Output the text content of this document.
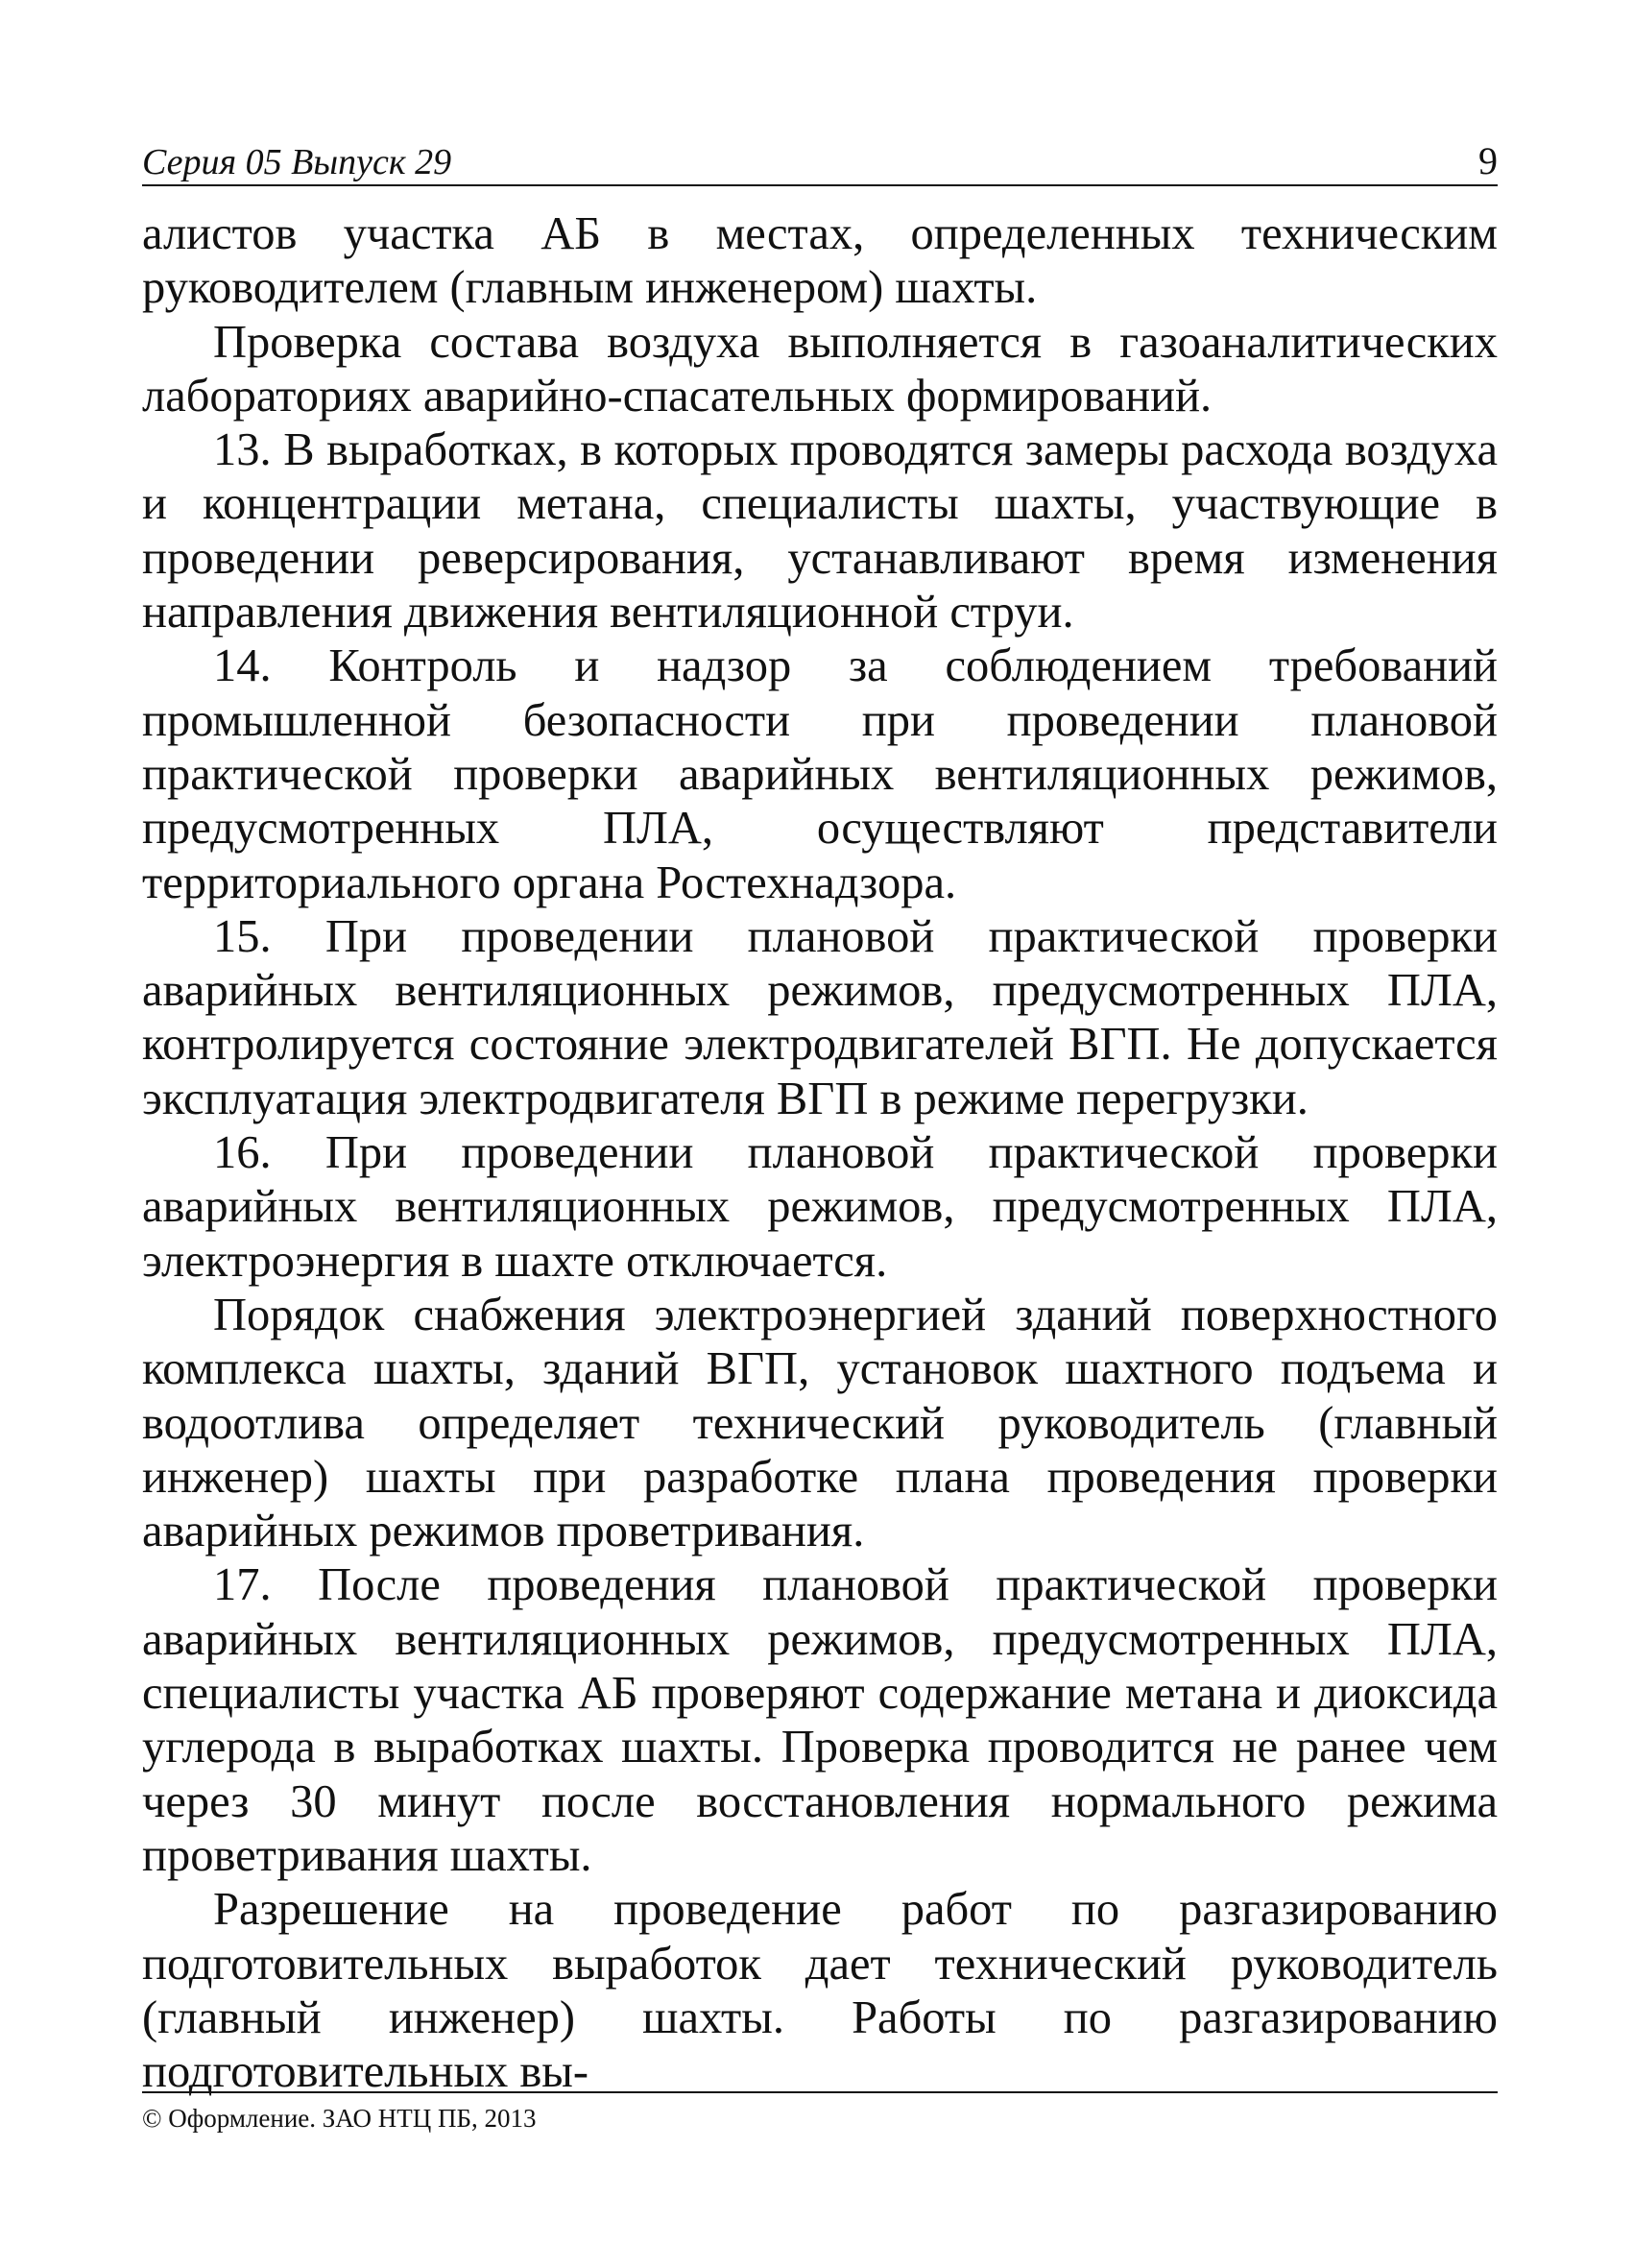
Серия 05 Выпуск 29	9

алистов участка АБ в местах, определенных техническим руководителем (главным инженером) шахты.

Проверка состава воздуха выполняется в газоаналитических лабораториях аварийно-спасательных формирований.

13. В выработках, в которых проводятся замеры расхода воздуха и концентрации метана, специалисты шахты, участвующие в проведении реверсирования, устанавливают время изменения направления движения вентиляционной струи.

14. Контроль и надзор за соблюдением требований промышленной безопасности при проведении плановой практической проверки аварийных вентиляционных режимов, предусмотренных ПЛА, осуществляют представители территориального органа Ростехнадзора.

15. При проведении плановой практической проверки аварийных вентиляционных режимов, предусмотренных ПЛА, контролируется состояние электродвигателей ВГП. Не допускается эксплуатация электродвигателя ВГП в режиме перегрузки.

16. При проведении плановой практической проверки аварийных вентиляционных режимов, предусмотренных ПЛА, электроэнергия в шахте отключается.

Порядок снабжения электроэнергией зданий поверхностного комплекса шахты, зданий ВГП, установок шахтного подъема и водоотлива определяет технический руководитель (главный инженер) шахты при разработке плана проведения проверки аварийных режимов проветривания.

17. После проведения плановой практической проверки аварийных вентиляционных режимов, предусмотренных ПЛА, специалисты участка АБ проверяют содержание метана и диоксида углерода в выработках шахты. Проверка проводится не ранее чем через 30 минут после восстановления нормального режима проветривания шахты.

Разрешение на проведение работ по разгазированию подготовительных выработок дает технический руководитель (главный инженер) шахты. Работы по разгазированию подготовительных вы-

© Оформление. ЗАО НТЦ ПБ, 2013
